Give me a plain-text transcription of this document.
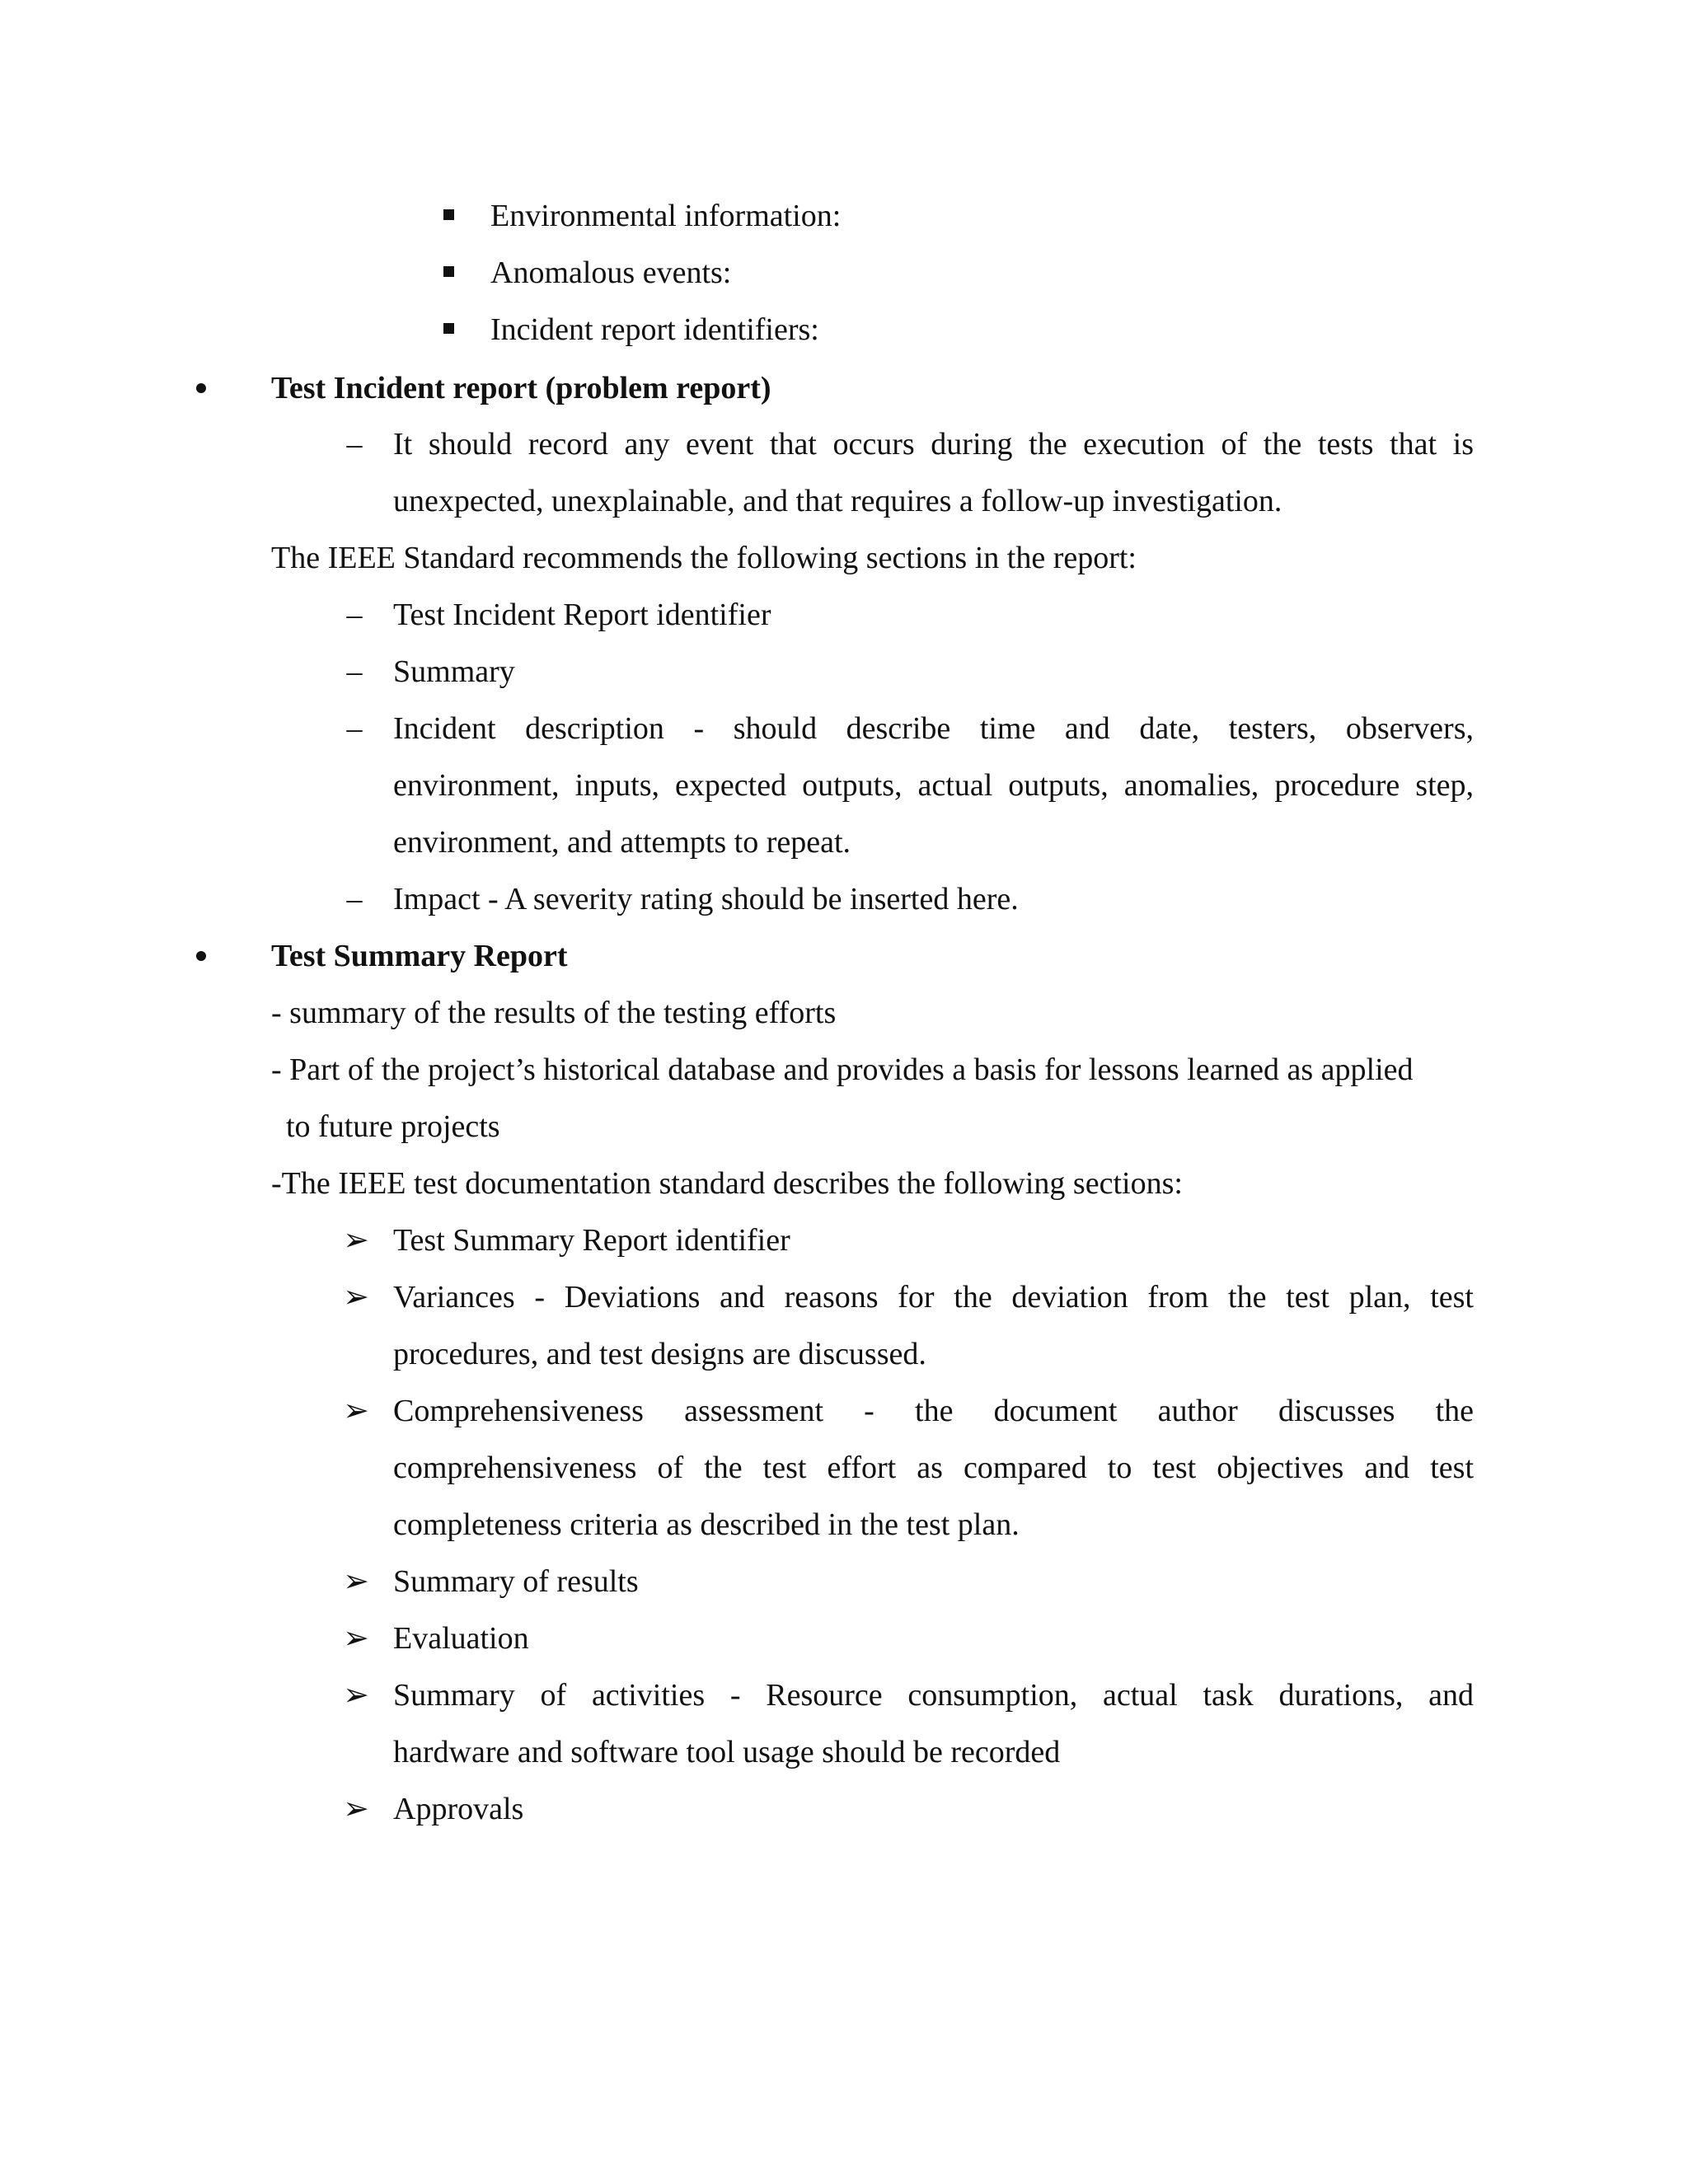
Environmental information:
Anomalous events:
Incident report identifiers:
Test Incident report (problem report)
– It should record any event that occurs during the execution of the tests that is
unexpected, unexplainable, and that requires a follow-up investigation.
The IEEE Standard recommends the following sections in the report:
– Test Incident Report identifier
– Summary
– Incident description - should describe time and date, testers, observers,
environment, inputs, expected outputs, actual outputs, anomalies, procedure step,
environment, and attempts to repeat.
– Impact - A severity rating should be inserted here.
Test Summary Report
- summary of the results of the testing efforts
- Part of the project’s historical database and provides a basis for lessons learned as applied
to future projects
-The IEEE test documentation standard describes the following sections:
➢ Test Summary Report identifier
➢ Variances - Deviations and reasons for the deviation from the test plan, test
procedures, and test designs are discussed.
➢ Comprehensiveness assessment - the document author discusses the
comprehensiveness of the test effort as compared to test objectives and test
completeness criteria as described in the test plan.
➢ Summary of results
➢ Evaluation
➢ Summary of activities - Resource consumption, actual task durations, and
hardware and software tool usage should be recorded
➢ Approvals
